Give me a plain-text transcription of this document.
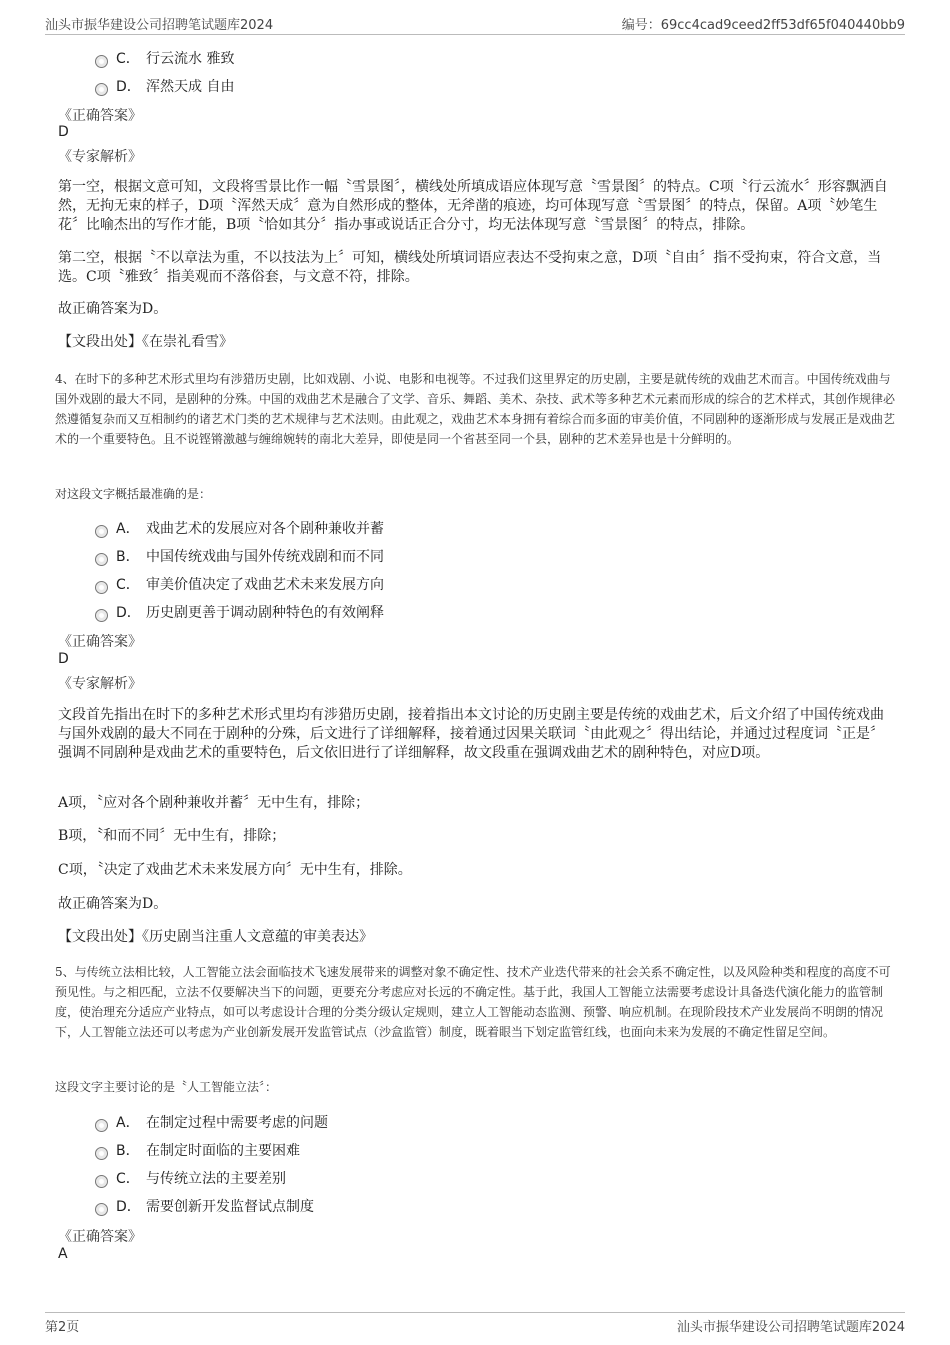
汕头市振华建设公司招聘笔试题库2024	编号：69cc4cad9ceed2ff53df65f040440bb9
C． 行云流水 雅致
D． 浑然天成 自由
《正确答案》
D
《专家解析》
第一空，根据文意可知，文段将雪景比作一幅〝雪景图〞，横线处所填成语应体现写意〝雪景图〞的特点。C项〝行云流水〞形容飘洒自然，无拘无束的样子，D项〝浑然天成〞意为自然形成的整体，无斧凿的痕迹，均可体现写意〝雪景图〞的特点，保留。A项〝妙笔生花〞比喻杰出的写作才能，B项〝恰如其分〞指办事或说话正合分寸，均无法体现写意〝雪景图〞的特点，排除。
第二空，根据〝不以章法为重，不以技法为上〞可知，横线处所填词语应表达不受拘束之意，D项〝自由〞指不受拘束，符合文意，当选。C项〝雅致〞指美观而不落俗套，与文意不符，排除。
故正确答案为D。
【文段出处】《在崇礼看雪》
4、在时下的多种艺术形式里均有涉猎历史剧，比如戏剧、小说、电影和电视等。不过我们这里界定的历史剧，主要是就传统的戏曲艺术而言。中国传统戏曲与国外戏剧的最大不同，是剧种的分殊。中国的戏曲艺术是融合了文学、音乐、舞蹈、美术、杂技、武术等多种艺术元素而形成的综合的艺术样式，其创作规律必然遵循复杂而又互相制约的诸艺术门类的艺术规律与艺术法则。由此观之，戏曲艺术本身拥有着综合而多面的审美价值，不同剧种的逐渐形成与发展正是戏曲艺术的一个重要特色。且不说铿锵激越与缠绵婉转的南北大差异，即使是同一个省甚至同一个县，剧种的艺术差异也是十分鲜明的。
对这段文字概括最准确的是：
A． 戏曲艺术的发展应对各个剧种兼收并蓄
B． 中国传统戏曲与国外传统戏剧和而不同
C． 审美价值决定了戏曲艺术未来发展方向
D． 历史剧更善于调动剧种特色的有效阐释
《正确答案》
D
《专家解析》
文段首先指出在时下的多种艺术形式里均有涉猎历史剧，接着指出本文讨论的历史剧主要是传统的戏曲艺术，后文介绍了中国传统戏曲与国外戏剧的最大不同在于剧种的分殊，后文进行了详细解释，接着通过因果关联词〝由此观之〞得出结论，并通过过程度词〝正是〞强调不同剧种是戏曲艺术的重要特色，后文依旧进行了详细解释，故文段重在强调戏曲艺术的剧种特色，对应D项。
A项，〝应对各个剧种兼收并蓄〞无中生有，排除；
B项，〝和而不同〞无中生有，排除；
C项，〝决定了戏曲艺术未来发展方向〞无中生有，排除。
故正确答案为D。
【文段出处】《历史剧当注重人文意蕴的审美表达》
5、与传统立法相比较，人工智能立法会面临技术飞速发展带来的调整对象不确定性、技术产业迭代带来的社会关系不确定性，以及风险种类和程度的高度不可预见性。与之相匹配，立法不仅要解决当下的问题，更要充分考虑应对长远的不确定性。基于此，我国人工智能立法需要考虑设计具备迭代演化能力的监管制度，使治理充分适应产业特点，如可以考虑设计合理的分类分级认定规则，建立人工智能动态监测、预警、响应机制。在现阶段技术产业发展尚不明朗的情况下，人工智能立法还可以考虑为产业创新发展开发监管试点（沙盒监管）制度，既着眼当下划定监管红线，也面向未来为发展的不确定性留足空间。
这段文字主要讨论的是〝人工智能立法〞：
A． 在制定过程中需要考虑的问题
B． 在制定时面临的主要困难
C． 与传统立法的主要差别
D． 需要创新开发监督试点制度
《正确答案》
A
第2页	汕头市振华建设公司招聘笔试题库2024
